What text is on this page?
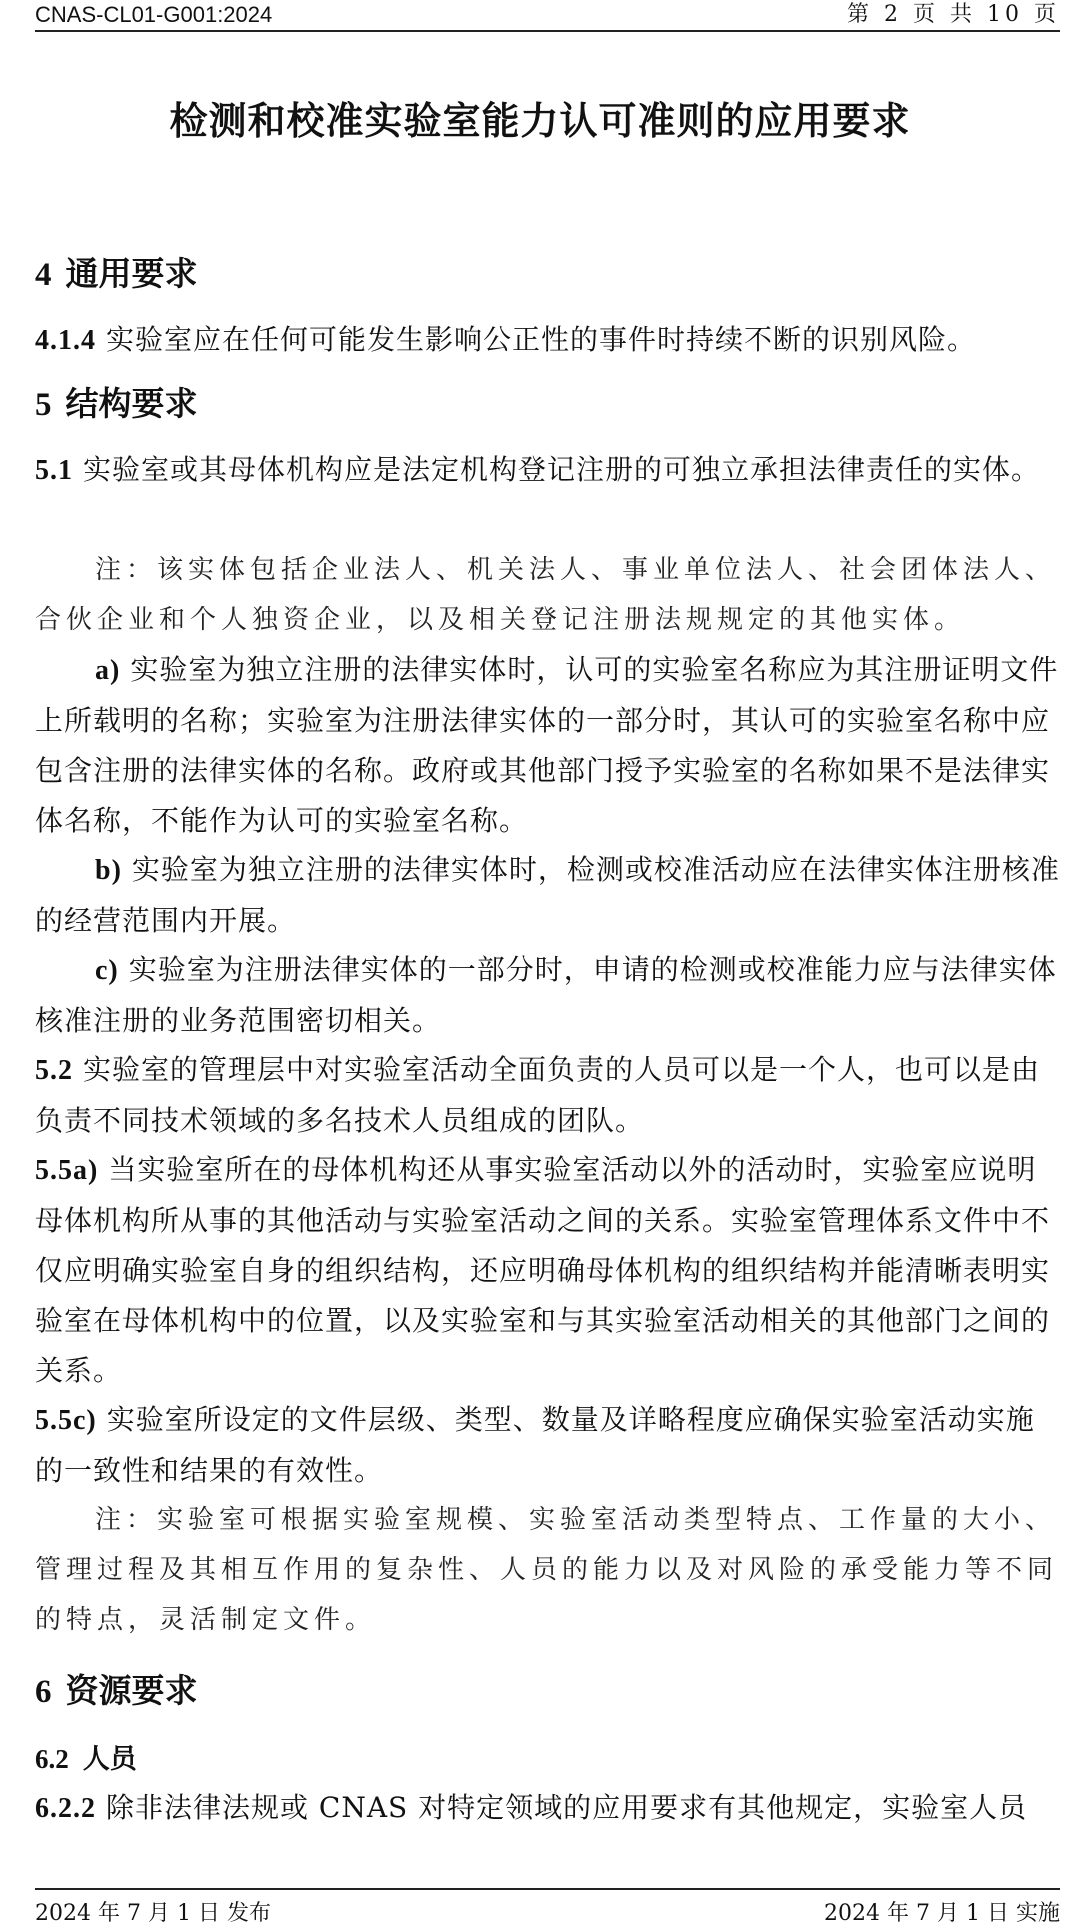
CNAS-CL01-G001:2024	第 2 页 共 10 页
检测和校准实验室能力认可准则的应用要求
4 通用要求
4.1.4 实验室应在任何可能发生影响公正性的事件时持续不断的识别风险。
5 结构要求
5.1 实验室或其母体机构应是法定机构登记注册的可独立承担法律责任的实体。
注：该实体包括企业法人、机关法人、事业单位法人、社会团体法人、合伙企业和个人独资企业，以及相关登记注册法规规定的其他实体。
a) 实验室为独立注册的法律实体时，认可的实验室名称应为其注册证明文件上所载明的名称；实验室为注册法律实体的一部分时，其认可的实验室名称中应包含注册的法律实体的名称。政府或其他部门授予实验室的名称如果不是法律实体名称，不能作为认可的实验室名称。
b) 实验室为独立注册的法律实体时，检测或校准活动应在法律实体注册核准的经营范围内开展。
c) 实验室为注册法律实体的一部分时，申请的检测或校准能力应与法律实体核准注册的业务范围密切相关。
5.2 实验室的管理层中对实验室活动全面负责的人员可以是一个人，也可以是由负责不同技术领域的多名技术人员组成的团队。
5.5a) 当实验室所在的母体机构还从事实验室活动以外的活动时，实验室应说明母体机构所从事的其他活动与实验室活动之间的关系。实验室管理体系文件中不仅应明确实验室自身的组织结构，还应明确母体机构的组织结构并能清晰表明实验室在母体机构中的位置，以及实验室和与其实验室活动相关的其他部门之间的关系。
5.5c) 实验室所设定的文件层级、类型、数量及详略程度应确保实验室活动实施的一致性和结果的有效性。
注：实验室可根据实验室规模、实验室活动类型特点、工作量的大小、管理过程及其相互作用的复杂性、人员的能力以及对风险的承受能力等不同的特点，灵活制定文件。
6 资源要求
6.2 人员
6.2.2 除非法律法规或 CNAS 对特定领域的应用要求有其他规定，实验室人员
2024 年 7 月 1 日 发布	2024 年 7 月 1 日 实施
